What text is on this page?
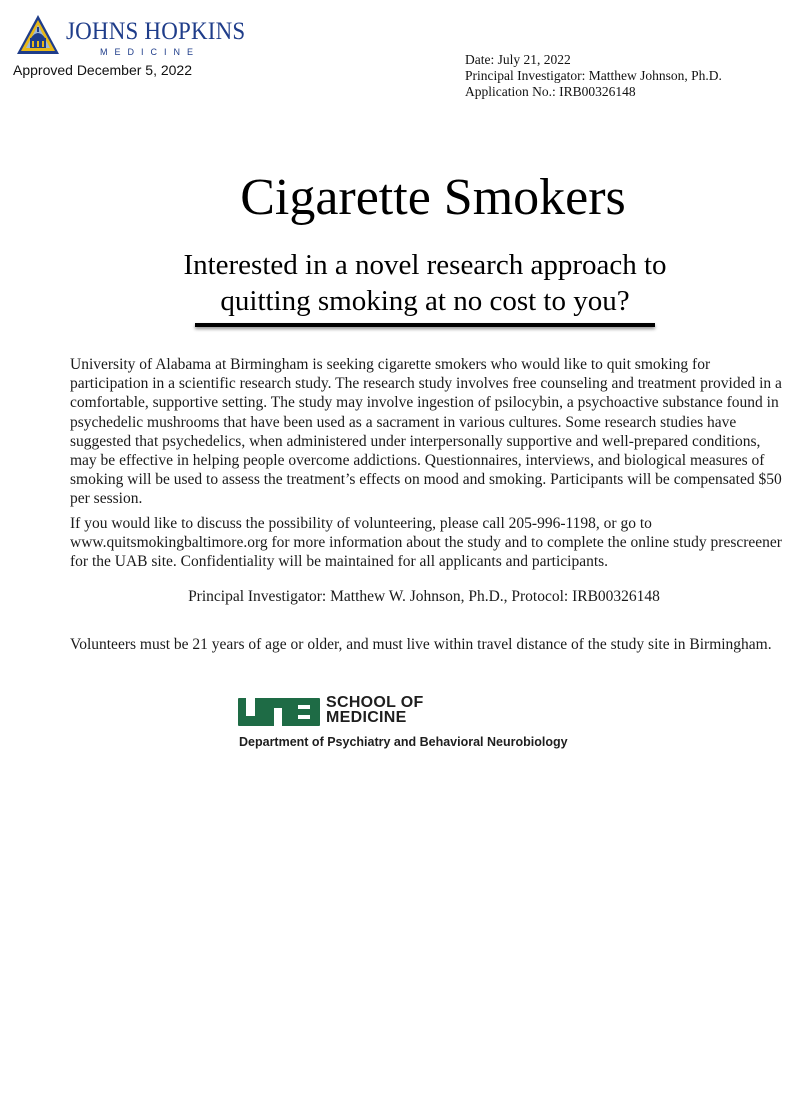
JOHNS HOPKINS
MEDICINE
Approved December 5, 2022
Date: July 21, 2022
Principal Investigator: Matthew Johnson, Ph.D.
Application No.: IRB00326148
Cigarette Smokers
Interested in a novel research approach to
quitting smoking at no cost to you?

University of Alabama at Birmingham is seeking cigarette smokers who would like to quit smoking for participation in a scientific research study. The research study involves free counseling and treatment provided in a comfortable, supportive setting. The study may involve ingestion of psilocybin, a psychoactive substance found in psychedelic mushrooms that have been used as a sacrament in various cultures. Some research studies have suggested that psychedelics, when administered under interpersonally supportive and well-prepared conditions, may be effective in helping people overcome addictions. Questionnaires, interviews, and biological measures of smoking will be used to assess the treatment’s effects on mood and smoking. Participants will be compensated $50 per session.

If you would like to discuss the possibility of volunteering, please call 205-996-1198, or go to www.quitsmokingbaltimore.org for more information about the study and to complete the online study prescreener for the UAB site. Confidentiality will be maintained for all applicants and participants.

Principal Investigator: Matthew W. Johnson, Ph.D., Protocol: IRB00326148
Volunteers must be 21 years of age or older, and must live within travel distance of the study site in Birmingham.
SCHOOL OF
MEDICINE
Department of Psychiatry and Behavioral Neurobiology
